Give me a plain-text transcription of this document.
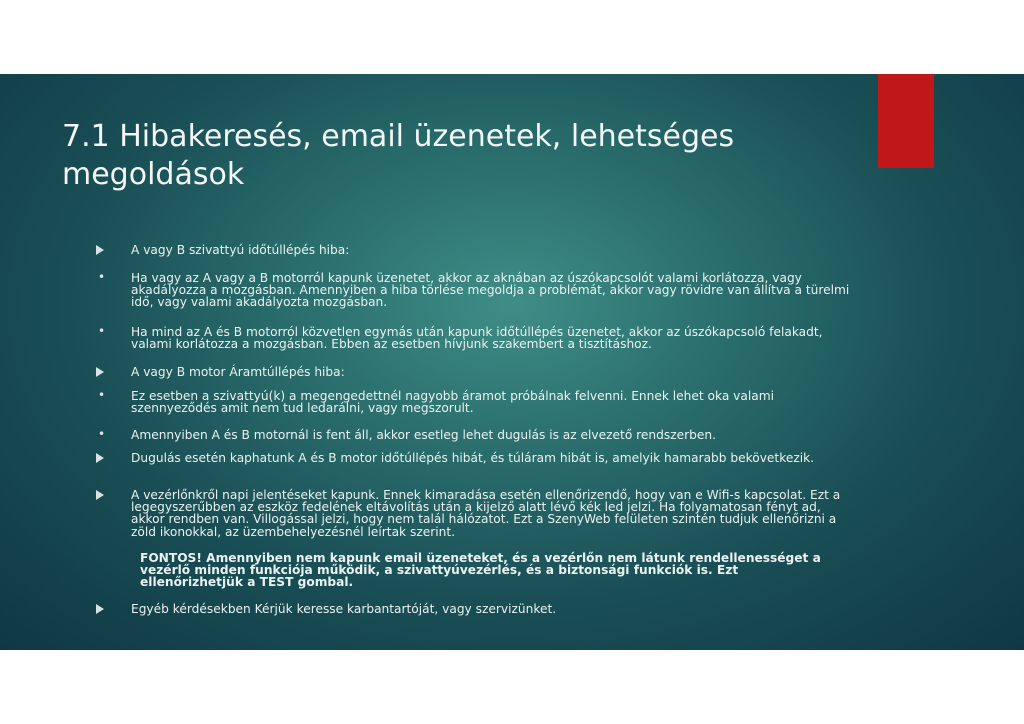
7.1 Hibakeresés, email üzenetek, lehetséges megoldások
A vagy B szivattyú időtúllépés hiba:
• Ha vagy az A vagy a B motorról kapunk üzenetet, akkor az aknában az úszókapcsolót valami korlátozza, vagy akadályozza a mozgásban. Amennyiben a hiba törlése megoldja a problémát, akkor vagy rövidre van állítva a türelmi idő, vagy valami akadályozta mozgásban.
• Ha mind az A és B motorról közvetlen egymás után kapunk időtúllépés üzenetet, akkor az úszókapcsoló felakadt, valami korlátozza a mozgásban. Ebben az esetben hívjunk szakembert a tisztításhoz.
A vagy B motor Áramtúllépés hiba:
• Ez esetben a szivattyú(k) a megengedettnél nagyobb áramot próbálnak felvenni. Ennek lehet oka valami szennyeződés amit nem tud ledarálni, vagy megszorult.
• Amennyiben A és B motornál is fent áll, akkor esetleg lehet dugulás is az elvezető rendszerben.
Dugulás esetén kaphatunk A és B motor időtúllépés hibát, és túláram hibát is, amelyik hamarabb bekövetkezik.
A vezérlőnkről napi jelentéseket kapunk. Ennek kimaradása esetén ellenőrizendő, hogy van e Wifi-s kapcsolat. Ezt a legegyszerűbben az eszköz fedelének eltávolítás után a kijelző alatt lévő kék led jelzi. Ha folyamatosan fényt ad, akkor rendben van. Villogással jelzi, hogy nem talál hálózatot. Ezt a SzenyWeb felületen szintén tudjuk ellenőrizni a zöld ikonokkal, az üzembehelyezésnél leírtak szerint.
FONTOS! Amennyiben nem kapunk email üzeneteket, és a vezérlőn nem látunk rendellenességet a vezérlő minden funkciója működik, a szivattyúvezérlés, és a biztonsági funkciók is. Ezt ellenőrizhetjük a TEST gombal.
Egyéb kérdésekben Kérjük keresse karbantartóját, vagy szervizünket.
